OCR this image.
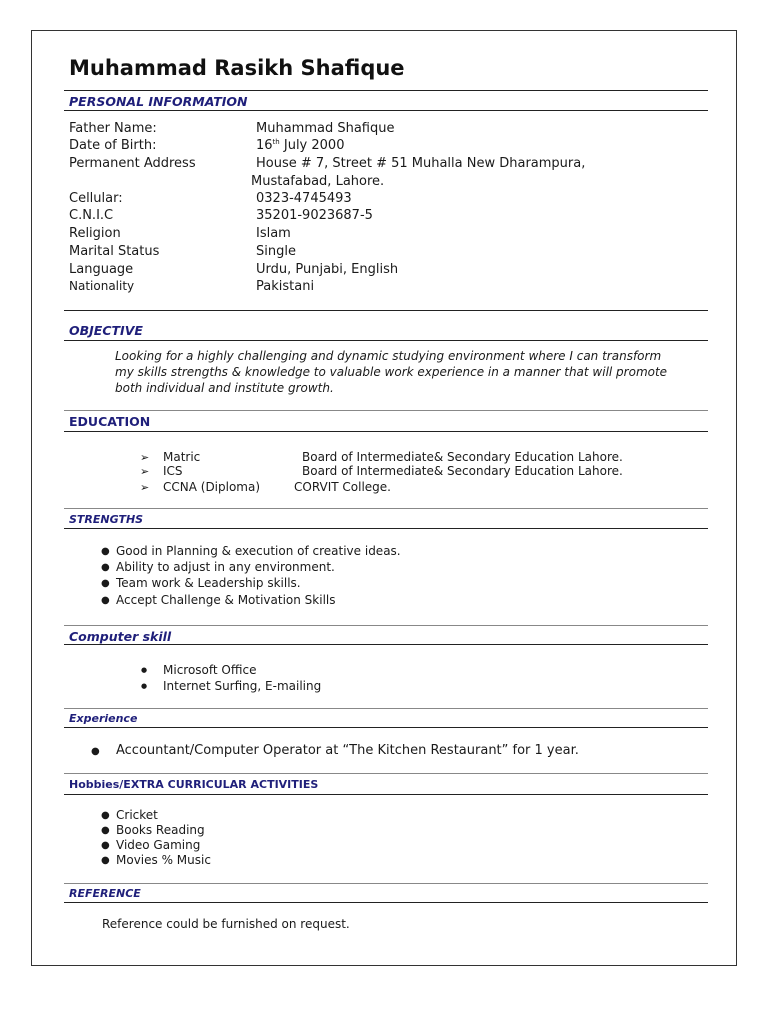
Muhammad Rasikh Shafique
PERSONAL INFORMATION
Father Name:	Muhammad Shafique
Date of Birth:	16th July 2000
Permanent Address	House # 7, Street # 51 Muhalla New Dharampura,
Mustafabad, Lahore.
Cellular:	0323-4745493
C.N.I.C	35201-9023687-5
Religion	Islam
Marital Status	Single
Language	Urdu, Punjabi, English
Nationality	Pakistani
OBJECTIVE
Looking for a highly challenging and dynamic studying environment where I can transform
my skills strengths & knowledge to valuable work experience in a manner that will promote
both individual and institute growth.
EDUCATION
➢ Matric	Board of Intermediate& Secondary Education Lahore.
➢ ICS	Board of Intermediate& Secondary Education Lahore.
➢ CCNA (Diploma)	CORVIT College.
STRENGTHS
● Good in Planning & execution of creative ideas.
● Ability to adjust in any environment.
● Team work & Leadership skills.
● Accept Challenge & Motivation Skills
Computer skill
● Microsoft Office
● Internet Surfing, E-mailing
Experience
● Accountant/Computer Operator at “The Kitchen Restaurant” for 1 year.
Hobbies/EXTRA CURRICULAR ACTIVITIES
● Cricket
● Books Reading
● Video Gaming
● Movies % Music
REFERENCE
Reference could be furnished on request.
